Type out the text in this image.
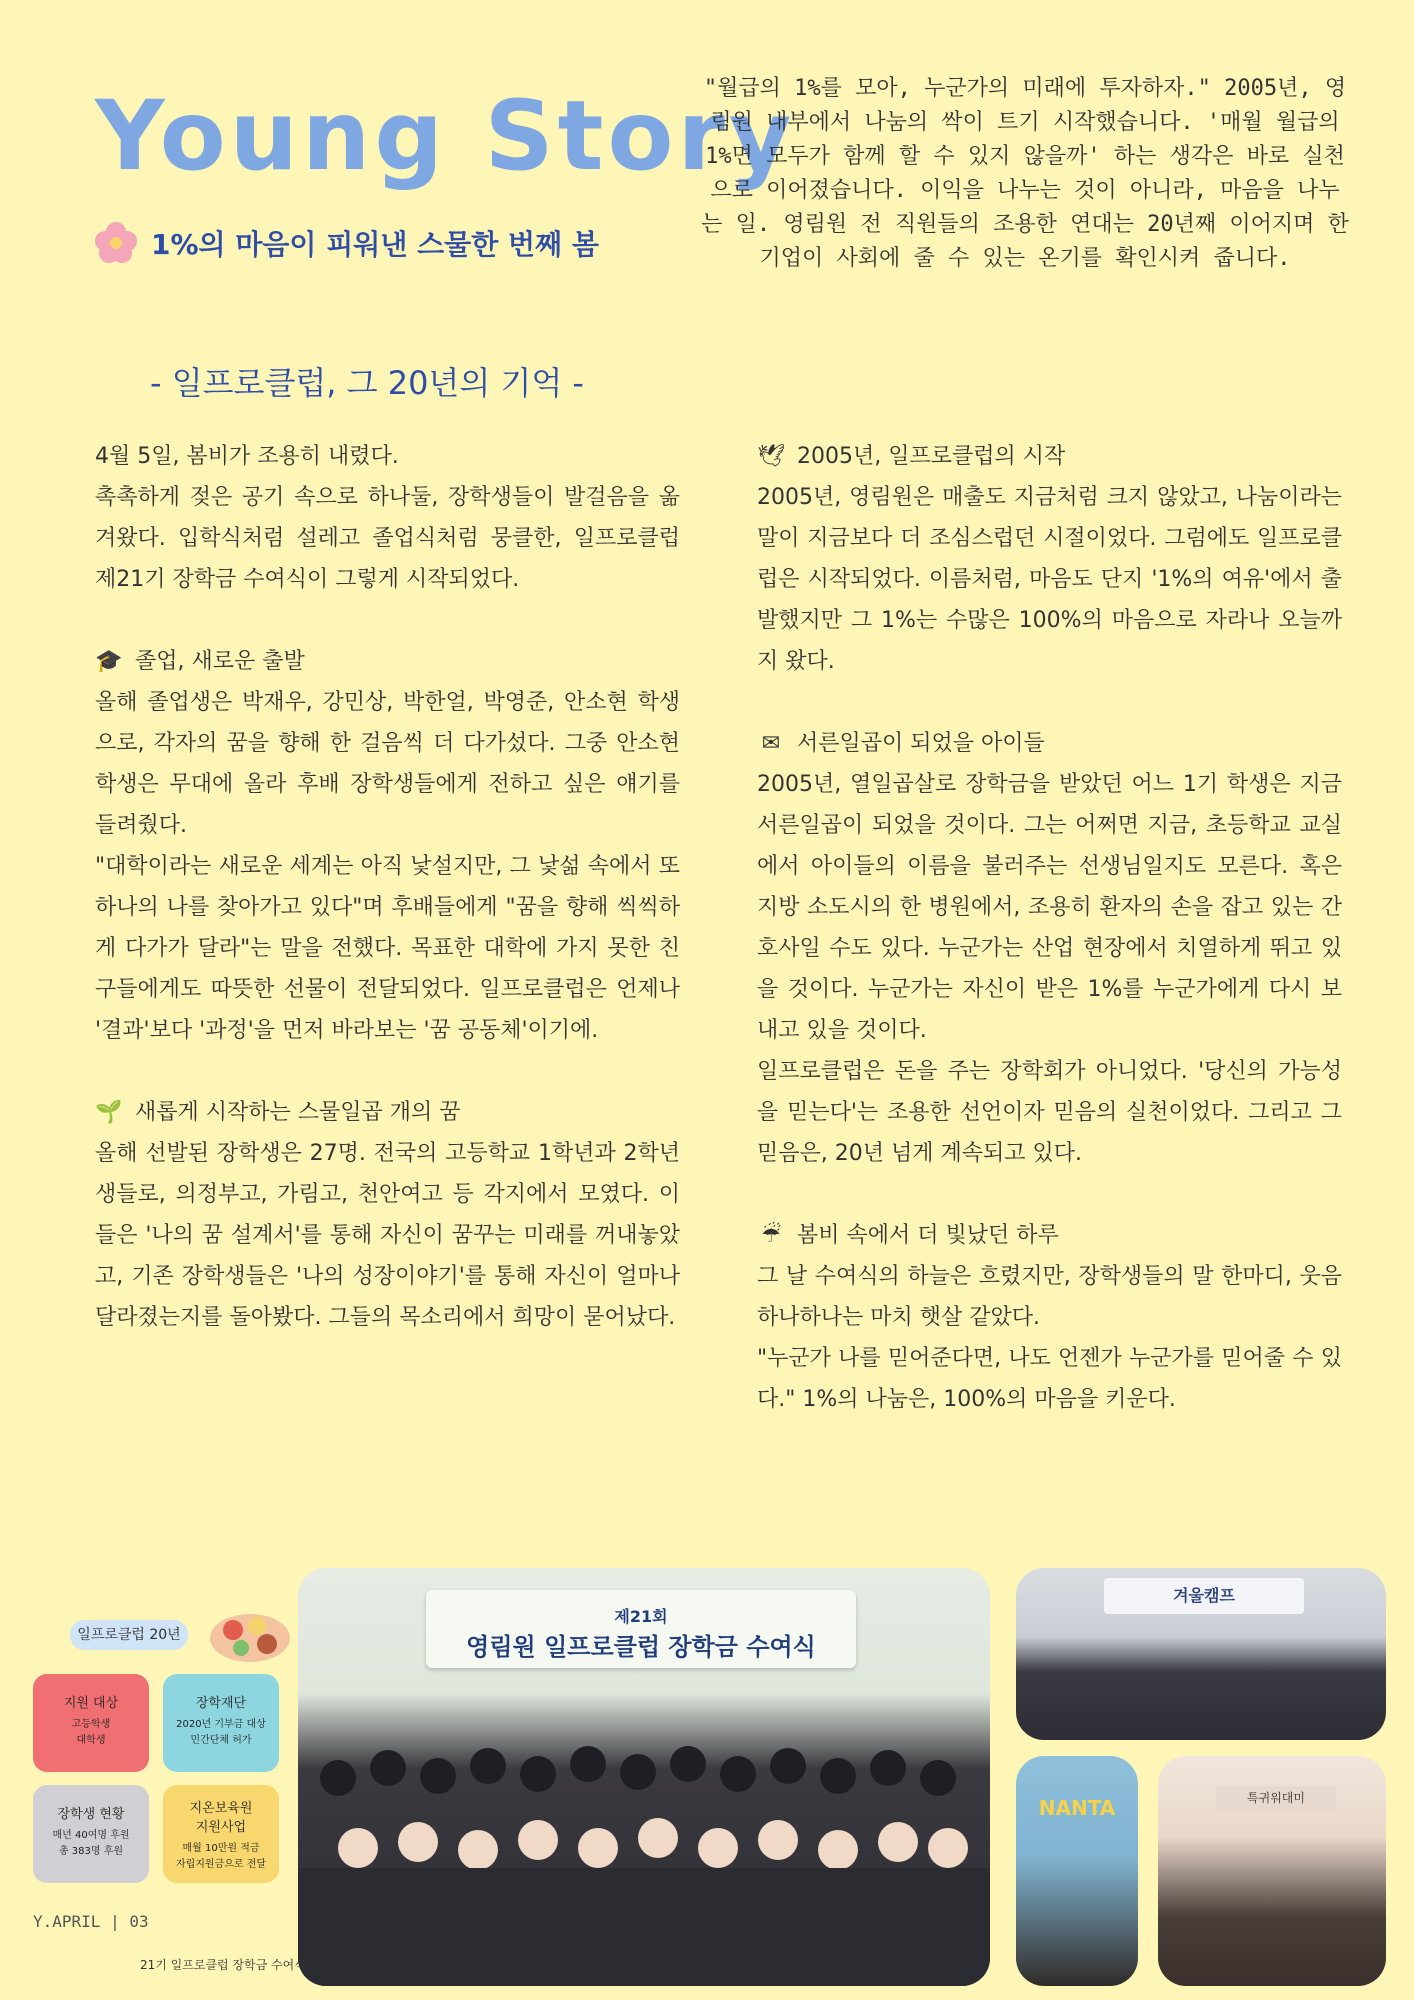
Young Story
1%의 마음이 피워낸 스물한 번째 봄
"월급의 1%를 모아, 누군가의 미래에 투자하자." 2005년, 영림원 내부에서 나눔의 싹이 트기 시작했습니다. '매월 월급의 1%면 모두가 함께 할 수 있지 않을까' 하는 생각은 바로 실천으로 이어졌습니다. 이익을 나누는 것이 아니라, 마음을 나누는 일. 영림원 전 직원들의 조용한 연대는 20년째 이어지며 한 기업이 사회에 줄 수 있는 온기를 확인시켜 줍니다.
- 일프로클럽, 그 20년의 기억 -

4월 5일, 봄비가 조용히 내렸다.

촉촉하게 젖은 공기 속으로 하나둘, 장학생들이 발걸음을 옮겨왔다. 입학식처럼 설레고 졸업식처럼 뭉클한, 일프로클럽 제21기 장학금 수여식이 그렇게 시작되었다.

🎓 졸업, 새로운 출발

올해 졸업생은 박재우, 강민상, 박한얼, 박영준, 안소현 학생으로, 각자의 꿈을 향해 한 걸음씩 더 다가섰다. 그중 안소현 학생은 무대에 올라 후배 장학생들에게 전하고 싶은 얘기를 들려줬다.

"대학이라는 새로운 세계는 아직 낯설지만, 그 낯섦 속에서 또 하나의 나를 찾아가고 있다"며 후배들에게 "꿈을 향해 씩씩하게 다가가 달라"는 말을 전했다. 목표한 대학에 가지 못한 친구들에게도 따뜻한 선물이 전달되었다. 일프로클럽은 언제나 '결과'보다 '과정'을 먼저 바라보는 '꿈 공동체'이기에.

🌱 새롭게 시작하는 스물일곱 개의 꿈

올해 선발된 장학생은 27명. 전국의 고등학교 1학년과 2학년생들로, 의정부고, 가림고, 천안여고 등 각지에서 모였다. 이들은 '나의 꿈 설계서'를 통해 자신이 꿈꾸는 미래를 꺼내놓았고, 기존 장학생들은 '나의 성장이야기'를 통해 자신이 얼마나 달라졌는지를 돌아봤다. 그들의 목소리에서 희망이 묻어났다.

🕊 2005년, 일프로클럽의 시작

2005년, 영림원은 매출도 지금처럼 크지 않았고, 나눔이라는 말이 지금보다 더 조심스럽던 시절이었다. 그럼에도 일프로클럽은 시작되었다. 이름처럼, 마음도 단지 '1%의 여유'에서 출발했지만 그 1%는 수많은 100%의 마음으로 자라나 오늘까지 왔다.

✉ 서른일곱이 되었을 아이들

2005년, 열일곱살로 장학금을 받았던 어느 1기 학생은 지금 서른일곱이 되었을 것이다. 그는 어쩌면 지금, 초등학교 교실에서 아이들의 이름을 불러주는 선생님일지도 모른다. 혹은 지방 소도시의 한 병원에서, 조용히 환자의 손을 잡고 있는 간호사일 수도 있다. 누군가는 산업 현장에서 치열하게 뛰고 있을 것이다. 누군가는 자신이 받은 1%를 누군가에게 다시 보내고 있을 것이다.

일프로클럽은 돈을 주는 장학회가 아니었다. '당신의 가능성을 믿는다'는 조용한 선언이자 믿음의 실천이었다. 그리고 그 믿음은, 20년 넘게 계속되고 있다.

☔ 봄비 속에서 더 빛났던 하루

그 날 수여식의 하늘은 흐렸지만, 장학생들의 말 한마디, 웃음 하나하나는 마치 햇살 같았다.

"누군가 나를 믿어준다면, 나도 언젠가 누군가를 믿어줄 수 있다." 1%의 나눔은, 100%의 마음을 키운다.

일프로클럽 20년
지원 대상
고등학생
대학생
장학재단
2020년 기부금 대상
민간단체 허가
장학생 현황
매년 40여명 후원
총 383명 후원
지온보육원
지원사업
매월 10만원 적금
자립지원금으로 전달
제21회
영림원 일프로클럽 장학금 수여식
겨울캠프
NANTA	특귀워대미
Y.APRIL | 03
21기 일프로클럽 장학금 수여식
